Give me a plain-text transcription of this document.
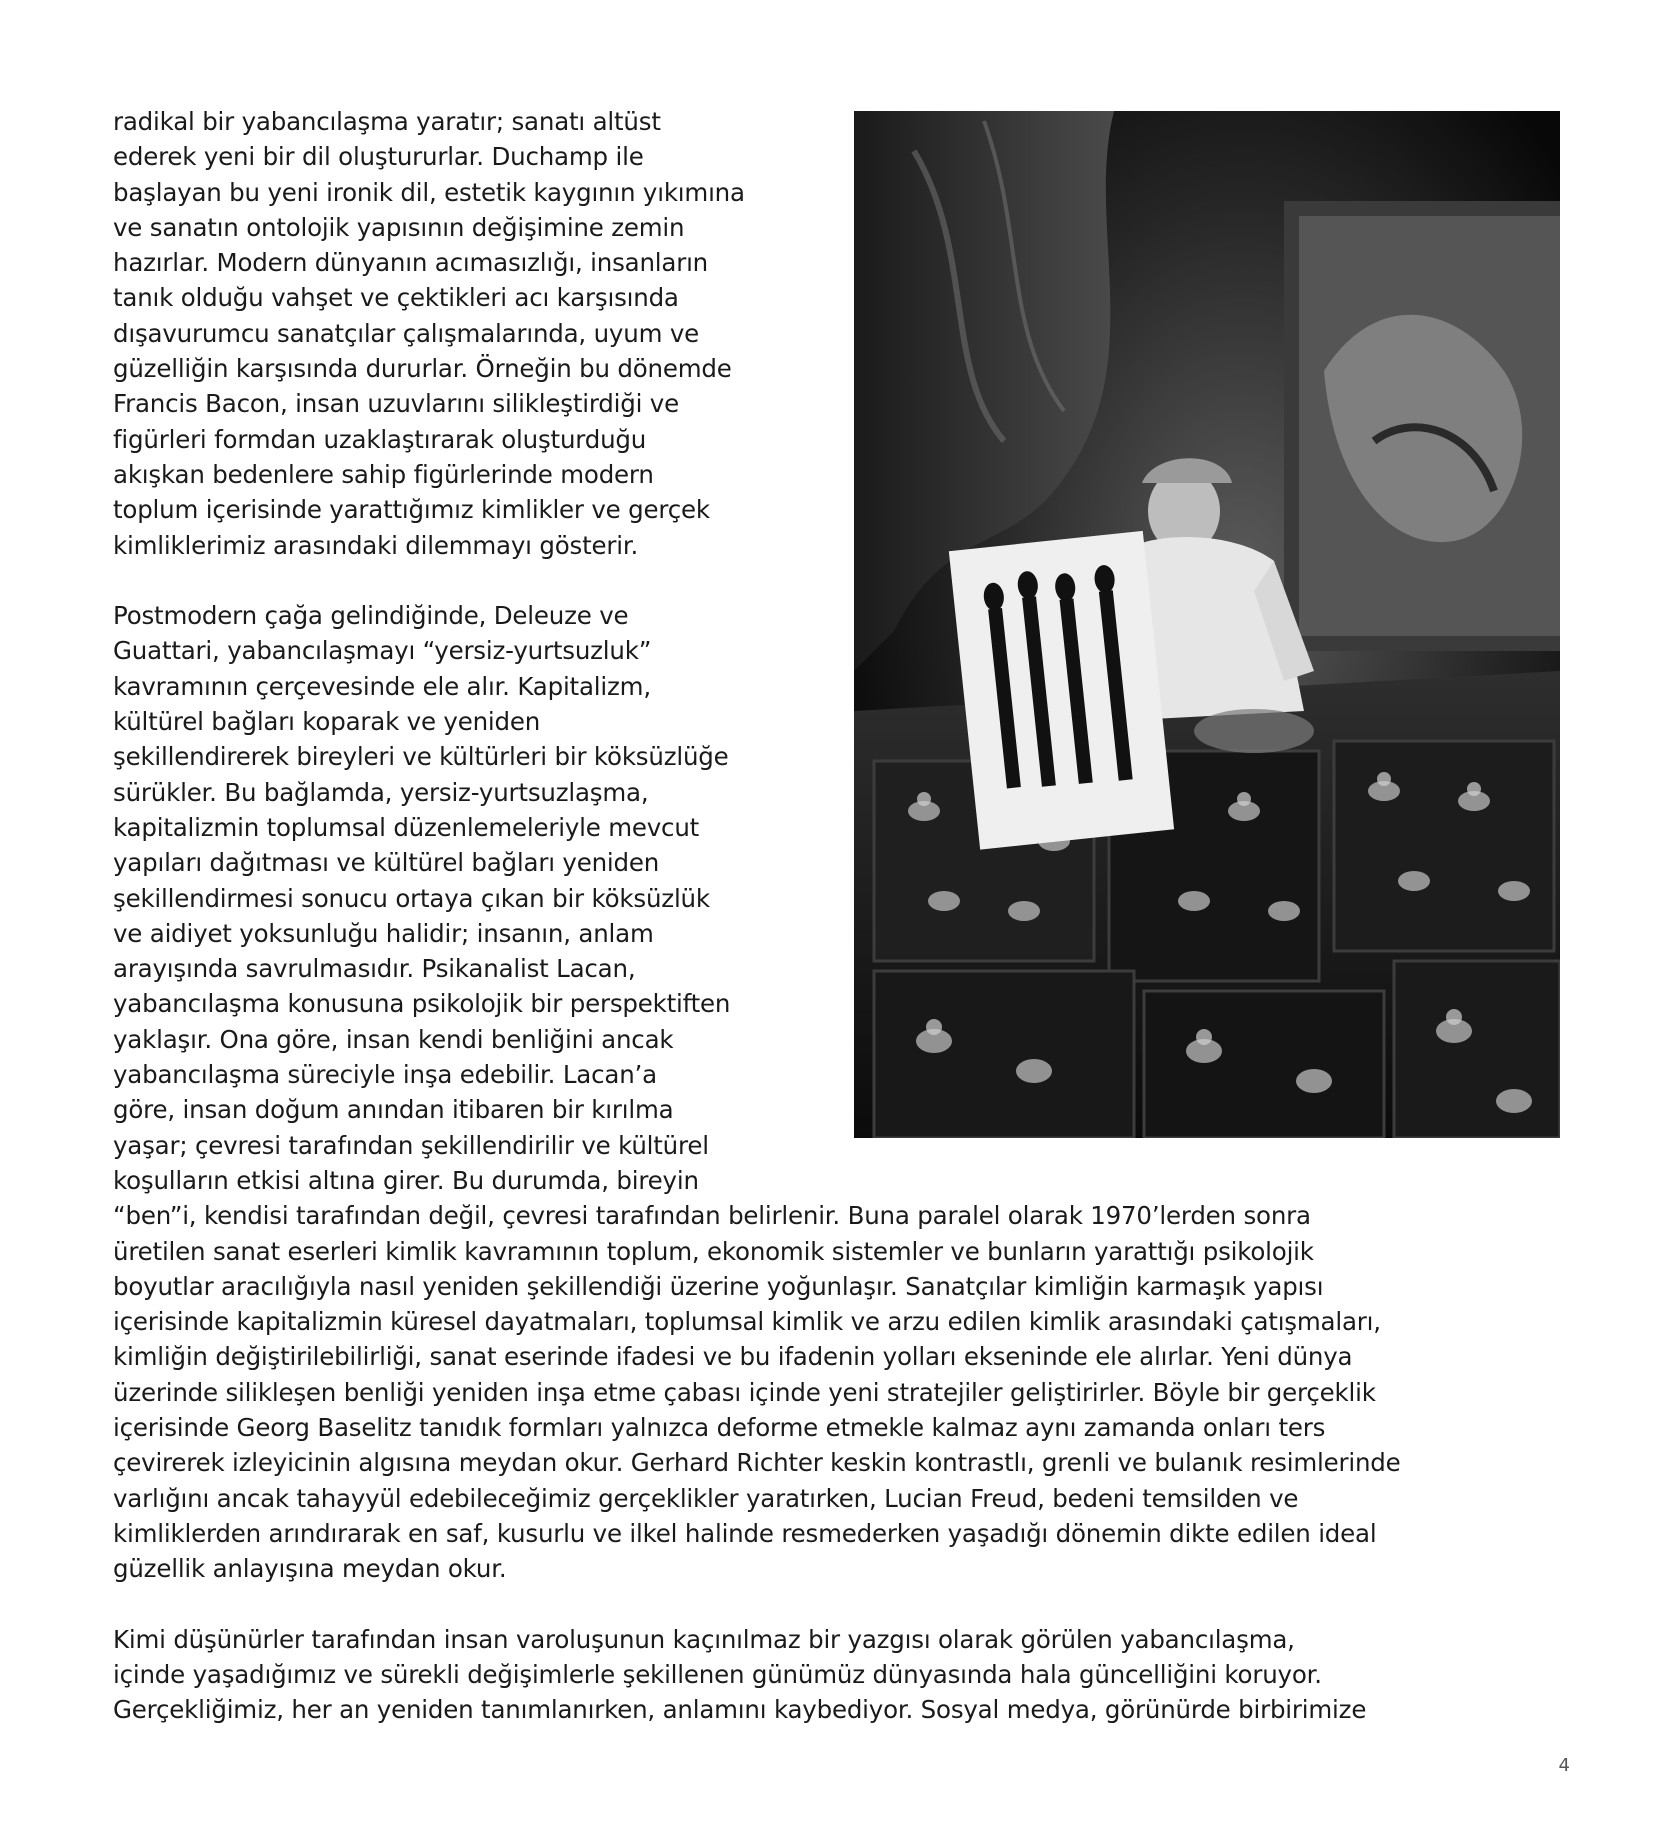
radikal bir yabancılaşma yaratır; sanatı altüst
ederek yeni bir dil oluştururlar. Duchamp ile
başlayan bu yeni ironik dil, estetik kaygının yıkımına
ve sanatın ontolojik yapısının değişimine zemin
hazırlar. Modern dünyanın acımasızlığı, insanların
tanık olduğu vahşet ve çektikleri acı karşısında
dışavurumcu sanatçılar çalışmalarında, uyum ve
güzelliğin karşısında dururlar. Örneğin bu dönemde
Francis Bacon, insan uzuvlarını silikleştirdiği ve
figürleri formdan uzaklaştırarak oluşturduğu
akışkan bedenlere sahip figürlerinde modern
toplum içerisinde yarattığımız kimlikler ve gerçek
kimliklerimiz arasındaki dilemmayı gösterir.
Postmodern çağa gelindiğinde, Deleuze ve
Guattari, yabancılaşmayı “yersiz-yurtsuzluk”
kavramının çerçevesinde ele alır. Kapitalizm,
kültürel bağları koparak ve yeniden
şekillendirerek bireyleri ve kültürleri bir köksüzlüğe
sürükler. Bu bağlamda, yersiz-yurtsuzlaşma,
kapitalizmin toplumsal düzenlemeleriyle mevcut
yapıları dağıtması ve kültürel bağları yeniden
şekillendirmesi sonucu ortaya çıkan bir köksüzlük
ve aidiyet yoksunluğu halidir; insanın, anlam
arayışında savrulmasıdır. Psikanalist Lacan,
yabancılaşma konusuna psikolojik bir perspektiften
yaklaşır. Ona göre, insan kendi benliğini ancak
yabancılaşma süreciyle inşa edebilir. Lacan’a
göre, insan doğum anından itibaren bir kırılma
yaşar; çevresi tarafından şekillendirilir ve kültürel
koşulların etkisi altına girer. Bu durumda, bireyin
“ben”i, kendisi tarafından değil, çevresi tarafından belirlenir. Buna paralel olarak 1970’lerden sonra
üretilen sanat eserleri kimlik kavramının toplum, ekonomik sistemler ve bunların yarattığı psikolojik
boyutlar aracılığıyla nasıl yeniden şekillendiği üzerine yoğunlaşır. Sanatçılar kimliğin karmaşık yapısı
içerisinde kapitalizmin küresel dayatmaları, toplumsal kimlik ve arzu edilen kimlik arasındaki çatışmaları,
kimliğin değiştirilebilirliği, sanat eserinde ifadesi ve bu ifadenin yolları ekseninde ele alırlar. Yeni dünya
üzerinde silikleşen benliği yeniden inşa etme çabası içinde yeni stratejiler geliştirirler. Böyle bir gerçeklik
içerisinde Georg Baselitz tanıdık formları yalnızca deforme etmekle kalmaz aynı zamanda onları ters
çevirerek izleyicinin algısına meydan okur. Gerhard Richter keskin kontrastlı, grenli ve bulanık resimlerinde
varlığını ancak tahayyül edebileceğimiz gerçeklikler yaratırken, Lucian Freud, bedeni temsilden ve
kimliklerden arındırarak en saf, kusurlu ve ilkel halinde resmederken yaşadığı dönemin dikte edilen ideal
güzellik anlayışına meydan okur.
Kimi düşünürler tarafından insan varoluşunun kaçınılmaz bir yazgısı olarak görülen yabancılaşma,
içinde yaşadığımız ve sürekli değişimlerle şekillenen günümüz dünyasında hala güncelliğini koruyor.
Gerçekliğimiz, her an yeniden tanımlanırken, anlamını kaybediyor. Sosyal medya, görünürde birbirimize
4
